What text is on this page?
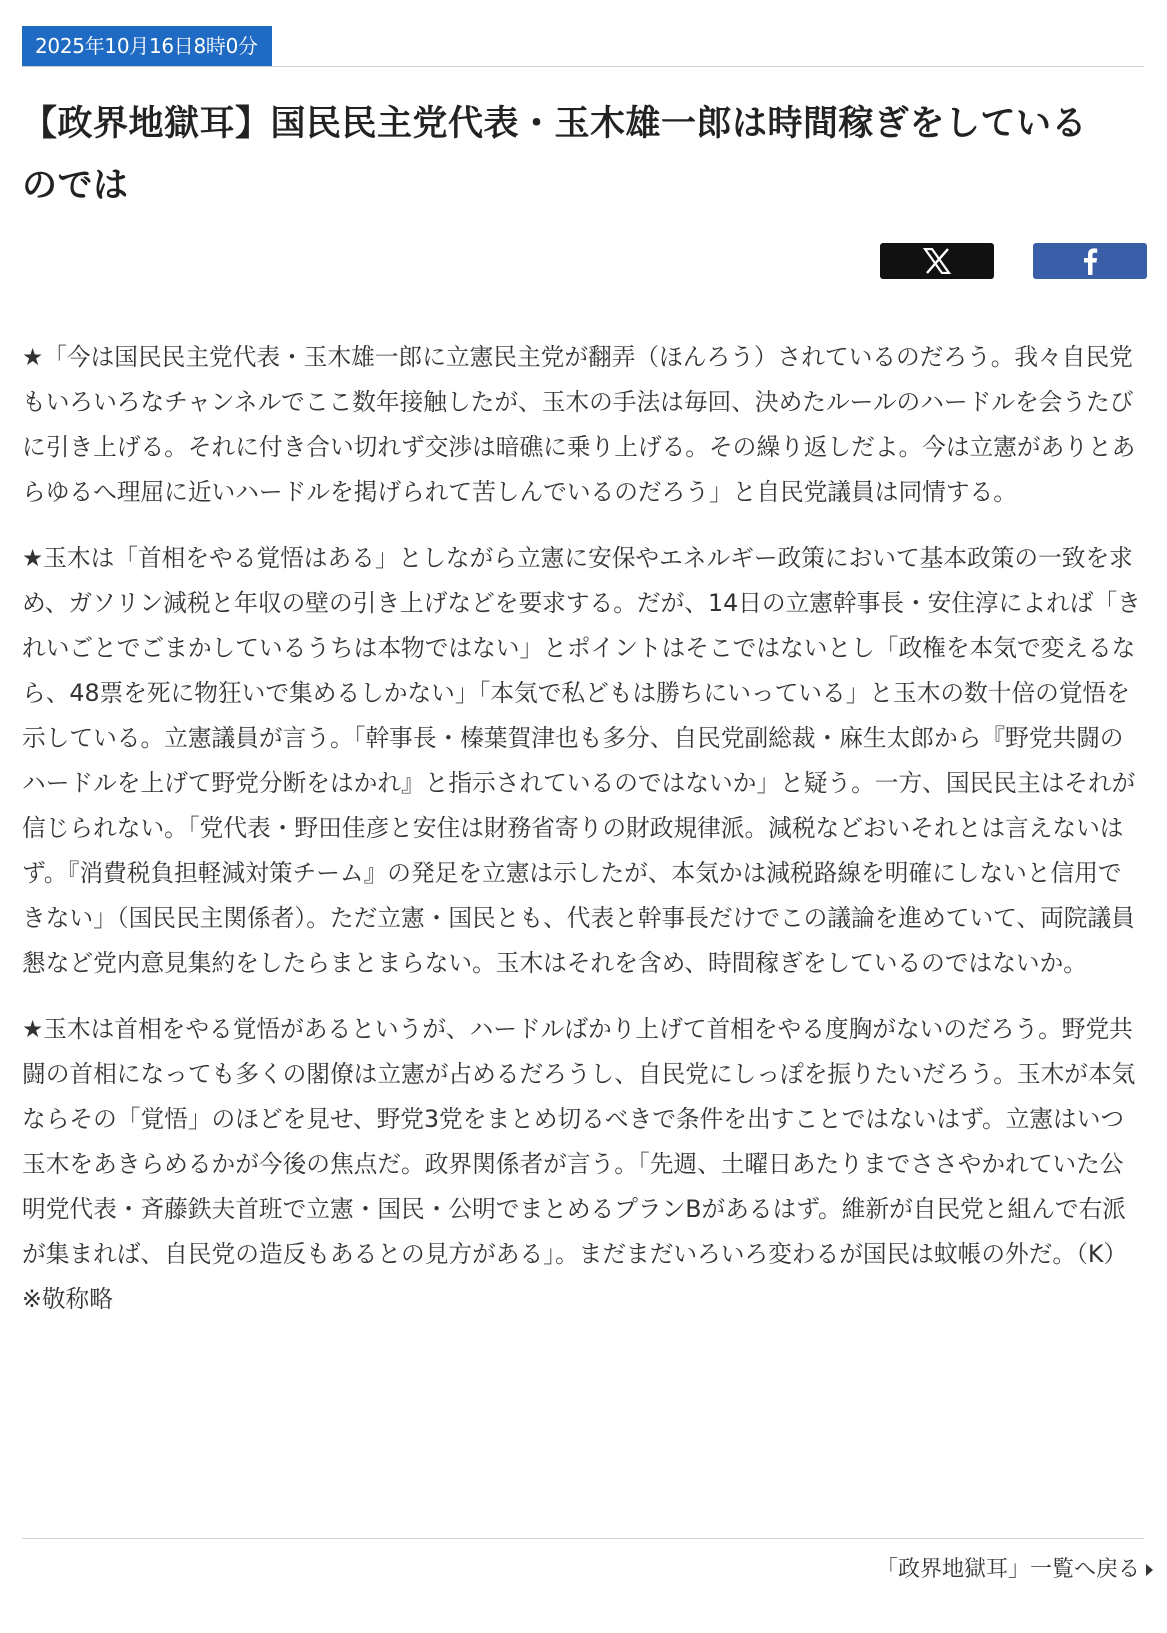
2025年10月16日8時0分
【政界地獄耳】国民民主党代表・玉木雄一郎は時間稼ぎをしているのでは

★「今は国民民主党代表・玉木雄一郎に立憲民主党が翻弄（ほんろう）されているのだろう。我々自民党もいろいろなチャンネルでここ数年接触したが、玉木の手法は毎回、決めたルールのハードルを会うたびに引き上げる。それに付き合い切れず交渉は暗礁に乗り上げる。その繰り返しだよ。今は立憲がありとあらゆるへ理屈に近いハードルを掲げられて苦しんでいるのだろう」と自民党議員は同情する。

★玉木は「首相をやる覚悟はある」としながら立憲に安保やエネルギー政策において基本政策の一致を求め、ガソリン減税と年収の壁の引き上げなどを要求する。だが、14日の立憲幹事長・安住淳によれば「きれいごとでごまかしているうちは本物ではない」とポイントはそこではないとし「政権を本気で変えるなら、48票を死に物狂いで集めるしかない」「本気で私どもは勝ちにいっている」と玉木の数十倍の覚悟を示している。立憲議員が言う。「幹事長・榛葉賀津也も多分、自民党副総裁・麻生太郎から『野党共闘のハードルを上げて野党分断をはかれ』と指示されているのではないか」と疑う。一方、国民民主はそれが信じられない。「党代表・野田佳彦と安住は財務省寄りの財政規律派。減税などおいそれとは言えないはず。『消費税負担軽減対策チーム』の発足を立憲は示したが、本気かは減税路線を明確にしないと信用できない」（国民民主関係者）。ただ立憲・国民とも、代表と幹事長だけでこの議論を進めていて、両院議員懇など党内意見集約をしたらまとまらない。玉木はそれを含め、時間稼ぎをしているのではないか。

★玉木は首相をやる覚悟があるというが、ハードルばかり上げて首相をやる度胸がないのだろう。野党共闘の首相になっても多くの閣僚は立憲が占めるだろうし、自民党にしっぽを振りたいだろう。玉木が本気ならその「覚悟」のほどを見せ、野党3党をまとめ切るべきで条件を出すことではないはず。立憲はいつ玉木をあきらめるかが今後の焦点だ。政界関係者が言う。「先週、土曜日あたりまでささやかれていた公明党代表・斉藤鉄夫首班で立憲・国民・公明でまとめるプランBがあるはず。維新が自民党と組んで右派が集まれば、自民党の造反もあるとの見方がある」。まだまだいろいろ変わるが国民は蚊帳の外だ。（K）※敬称略

「政界地獄耳」一覧へ戻る
